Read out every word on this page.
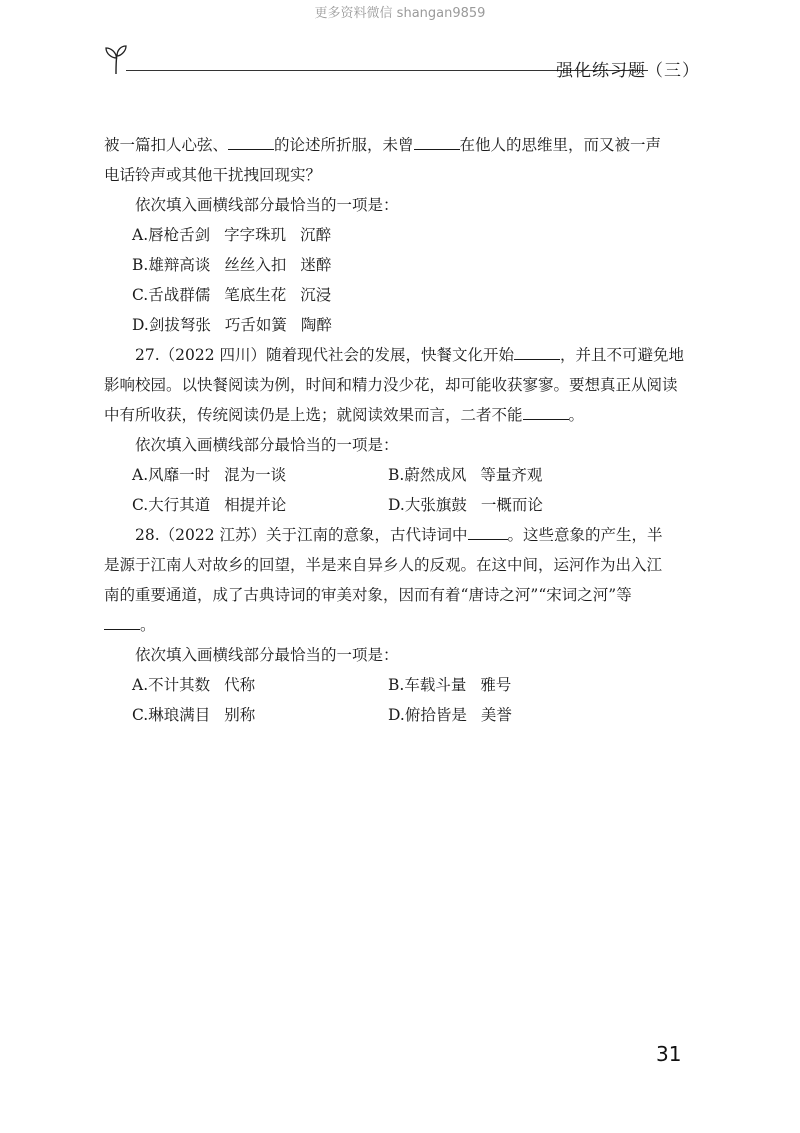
更多资料微信 shangan9859
强化练习题（三）

被一篇扣人心弦、	的论述所折服，未曾	在他人的思维里，而又被一声

电话铃声或其他干扰拽回现实？

依次填入画横线部分最恰当的一项是：

A. 唇枪舌剑 字字珠玑 沉醉
B. 雄辩高谈 丝丝入扣 迷醉
C. 舌战群儒 笔底生花 沉浸
D. 剑拔弩张 巧舌如簧 陶醉

27.（2022 四川）随着现代社会的发展，快餐文化开始	，并且不可避免地

影响校园。以快餐阅读为例，时间和精力没少花，却可能收获寥寥。要想真正从阅读

中有所收获，传统阅读仍是上选；就阅读效果而言，二者不能	。

依次填入画横线部分最恰当的一项是：

A. 风靡一时 混为一谈	B. 蔚然成风 等量齐观
C. 大行其道 相提并论	D. 大张旗鼓 一概而论

28.（2022 江苏）关于江南的意象，古代诗词中	。这些意象的产生，半

是源于江南人对故乡的回望，半是来自异乡人的反观。在这中间，运河作为出入江

南的重要通道，成了古典诗词的审美对象，因而有着“唐诗之河”“宋词之河”等

。

依次填入画横线部分最恰当的一项是：

A. 不计其数 代称	B. 车载斗量 雅号
C. 琳琅满目 别称	D. 俯拾皆是 美誉
31
